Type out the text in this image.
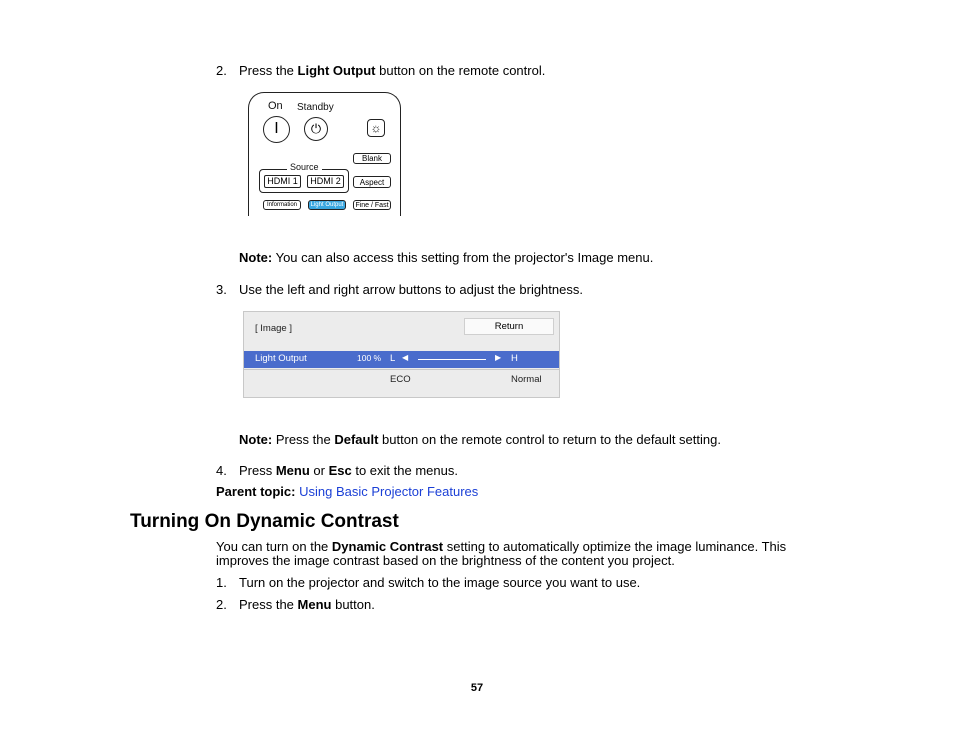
2. Press the Light Output button on the remote control.
On Standby
I	⏻	☼
Blank
Source
HDMI 1	HDMI 2	Aspect
Information	Light Output	Fine / Fast
Note: You can also access this setting from the projector's Image menu.
3. Use the left and right arrow buttons to adjust the brightness.
[ Image ]	Return
Light Output	100 % L ◀	▶ H
ECO	Normal
Note: Press the Default button on the remote control to return to the default setting.
4. Press Menu or Esc to exit the menus.
Parent topic: Using Basic Projector Features
Turning On Dynamic Contrast
You can turn on the Dynamic Contrast setting to automatically optimize the image luminance. This
improves the image contrast based on the brightness of the content you project.
1. Turn on the projector and switch to the image source you want to use.
2. Press the Menu button.
57
